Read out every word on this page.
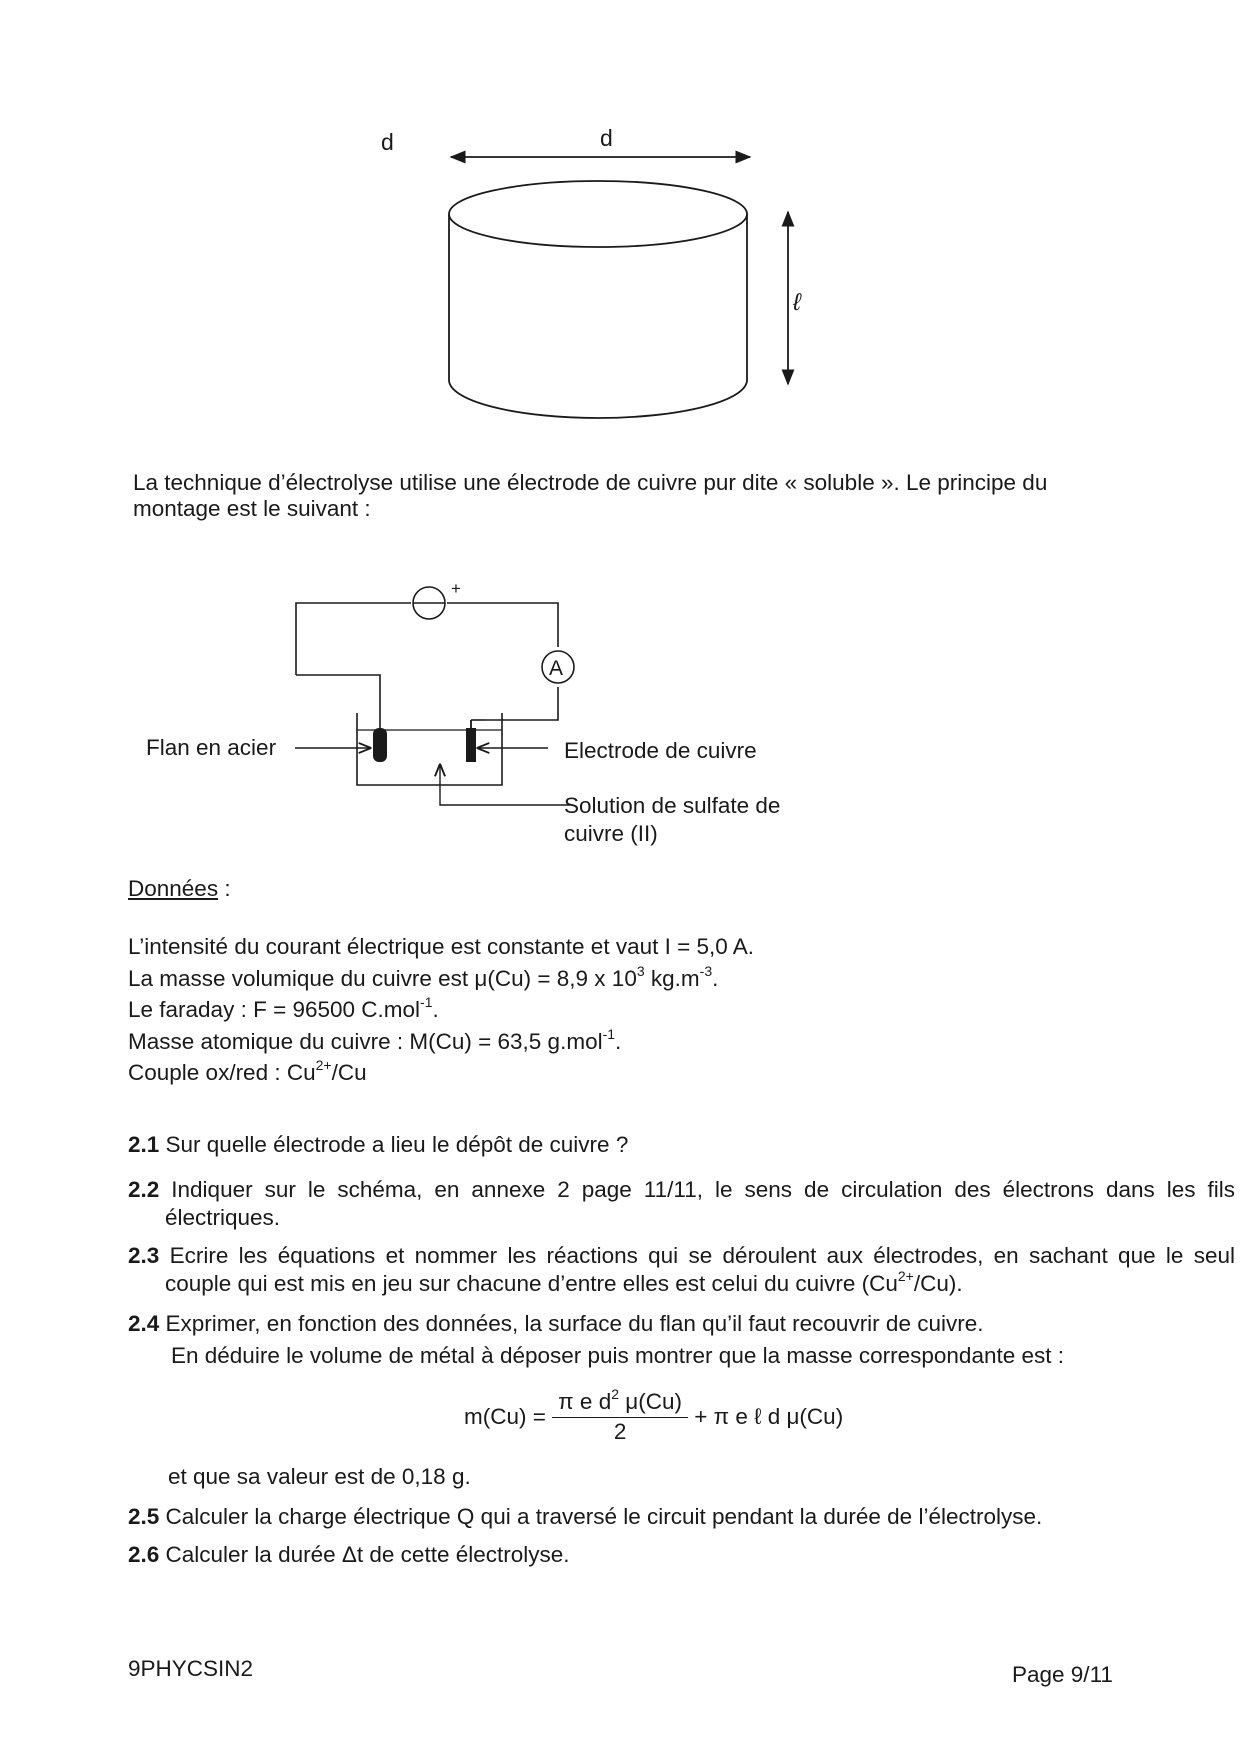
d	d
ℓ
La technique d’électrolyse utilise une électrode de cuivre pur dite « soluble ». Le principe du
montage est le suivant :
+
A
Flan en acier	Electrode de cuivre
Solution de sulfate de
cuivre (II)
Données :
L’intensité du courant électrique est constante et vaut I = 5,0 A.
La masse volumique du cuivre est μ(Cu) = 8,9 x $10^3$ $kg.m^{-3}$.
Le faraday : F = 96500 C.mol$^{-1}$.
Masse atomique du cuivre : M(Cu) = 63,5 g.mol$^{-1}$.
Couple ox/red : $Cu^{2+}/Cu$
2.1 Sur quelle électrode a lieu le dépôt de cuivre ?
2.2 Indiquer sur le schéma, en annexe 2 page 11/11, le sens de circulation des électrons dans les fils électriques.
2.3 Ecrire les équations et nommer les réactions qui se déroulent aux électrodes, en sachant que le seul couple qui est mis en jeu sur chacune d’entre elles est celui du cuivre $(Cu^{2+}/Cu)$.
2.4 Exprimer, en fonction des données, la surface du flan qu’il faut recouvrir de cuivre.
En déduire le volume de métal à déposer puis montrer que la masse correspondante est :
$m(Cu) = \frac{\pi e d^2 \mu(Cu)}{2} + \pi$ e ℓ d μ(Cu)
et que sa valeur est de 0,18 g.
2.5 Calculer la charge électrique Q qui a traversé le circuit pendant la durée de l’électrolyse.
2.6 Calculer la durée Δt de cette électrolyse.
9PHYCSIN2	Page 9/11
